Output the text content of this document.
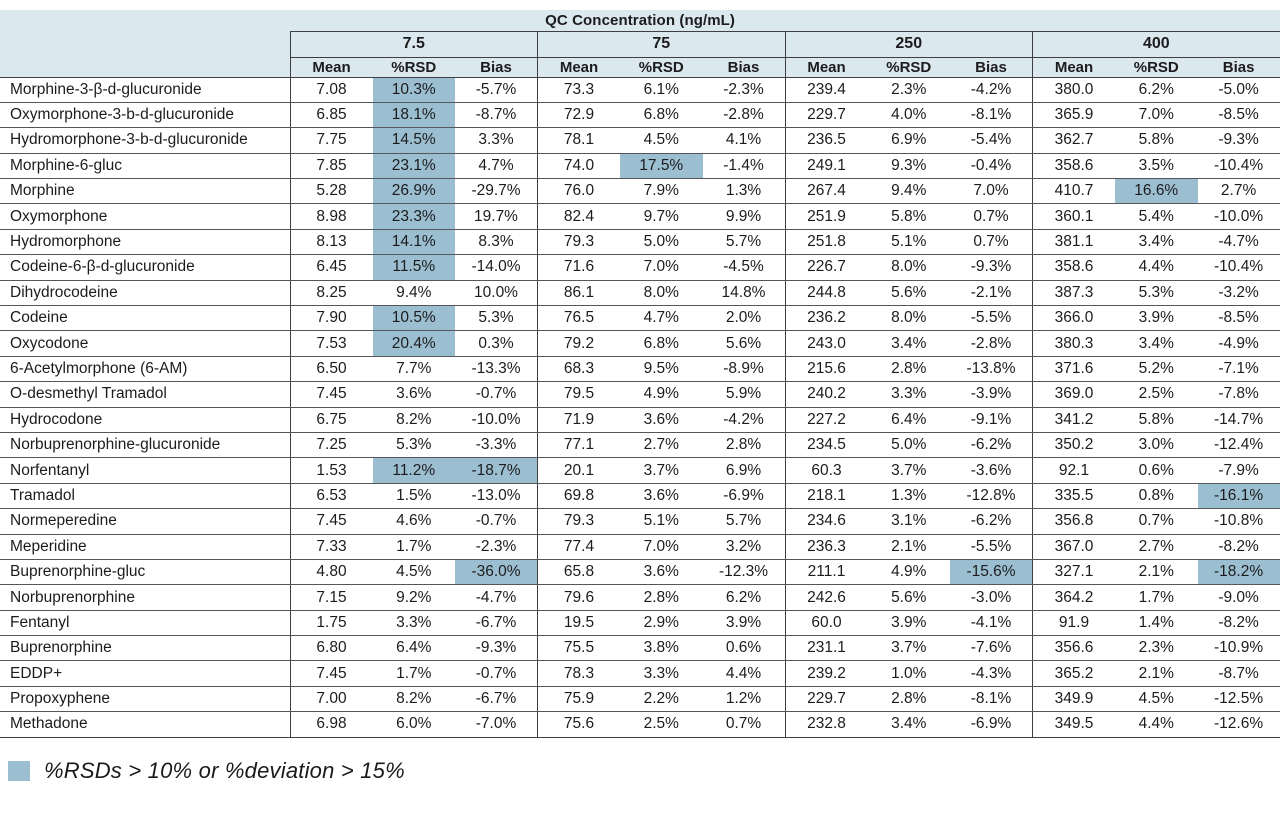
QC Concentration (ng/mL)												
	7.5			75			250			400		
	Mean	%RSD	Bias	Mean	%RSD	Bias	Mean	%RSD	Bias	Mean	%RSD	Bias
Morphine-3-β-d-glucuronide	7.08	10.3%	-5.7%	73.3	6.1%	-2.3%	239.4	2.3%	-4.2%	380.0	6.2%	-5.0%
Oxymorphone-3-b-d-glucuronide	6.85	18.1%	-8.7%	72.9	6.8%	-2.8%	229.7	4.0%	-8.1%	365.9	7.0%	-8.5%
Hydromorphone-3-b-d-glucuronide	7.75	14.5%	3.3%	78.1	4.5%	4.1%	236.5	6.9%	-5.4%	362.7	5.8%	-9.3%
Morphine-6-gluc	7.85	23.1%	4.7%	74.0	17.5%	-1.4%	249.1	9.3%	-0.4%	358.6	3.5%	-10.4%
Morphine	5.28	26.9%	-29.7%	76.0	7.9%	1.3%	267.4	9.4%	7.0%	410.7	16.6%	2.7%
Oxymorphone	8.98	23.3%	19.7%	82.4	9.7%	9.9%	251.9	5.8%	0.7%	360.1	5.4%	-10.0%
Hydromorphone	8.13	14.1%	8.3%	79.3	5.0%	5.7%	251.8	5.1%	0.7%	381.1	3.4%	-4.7%
Codeine-6-β-d-glucuronide	6.45	11.5%	-14.0%	71.6	7.0%	-4.5%	226.7	8.0%	-9.3%	358.6	4.4%	-10.4%
Dihydrocodeine	8.25	9.4%	10.0%	86.1	8.0%	14.8%	244.8	5.6%	-2.1%	387.3	5.3%	-3.2%
Codeine	7.90	10.5%	5.3%	76.5	4.7%	2.0%	236.2	8.0%	-5.5%	366.0	3.9%	-8.5%
Oxycodone	7.53	20.4%	0.3%	79.2	6.8%	5.6%	243.0	3.4%	-2.8%	380.3	3.4%	-4.9%
6-Acetylmorphone (6-AM)	6.50	7.7%	-13.3%	68.3	9.5%	-8.9%	215.6	2.8%	-13.8%	371.6	5.2%	-7.1%
O-desmethyl Tramadol	7.45	3.6%	-0.7%	79.5	4.9%	5.9%	240.2	3.3%	-3.9%	369.0	2.5%	-7.8%
Hydrocodone	6.75	8.2%	-10.0%	71.9	3.6%	-4.2%	227.2	6.4%	-9.1%	341.2	5.8%	-14.7%
Norbuprenorphine-glucuronide	7.25	5.3%	-3.3%	77.1	2.7%	2.8%	234.5	5.0%	-6.2%	350.2	3.0%	-12.4%
Norfentanyl	1.53	11.2%	-18.7%	20.1	3.7%	6.9%	60.3	3.7%	-3.6%	92.1	0.6%	-7.9%
Tramadol	6.53	1.5%	-13.0%	69.8	3.6%	-6.9%	218.1	1.3%	-12.8%	335.5	0.8%	-16.1%
Normeperedine	7.45	4.6%	-0.7%	79.3	5.1%	5.7%	234.6	3.1%	-6.2%	356.8	0.7%	-10.8%
Meperidine	7.33	1.7%	-2.3%	77.4	7.0%	3.2%	236.3	2.1%	-5.5%	367.0	2.7%	-8.2%
Buprenorphine-gluc	4.80	4.5%	-36.0%	65.8	3.6%	-12.3%	211.1	4.9%	-15.6%	327.1	2.1%	-18.2%
Norbuprenorphine	7.15	9.2%	-4.7%	79.6	2.8%	6.2%	242.6	5.6%	-3.0%	364.2	1.7%	-9.0%
Fentanyl	1.75	3.3%	-6.7%	19.5	2.9%	3.9%	60.0	3.9%	-4.1%	91.9	1.4%	-8.2%
Buprenorphine	6.80	6.4%	-9.3%	75.5	3.8%	0.6%	231.1	3.7%	-7.6%	356.6	2.3%	-10.9%
EDDP+	7.45	1.7%	-0.7%	78.3	3.3%	4.4%	239.2	1.0%	-4.3%	365.2	2.1%	-8.7%
Propoxyphene	7.00	8.2%	-6.7%	75.9	2.2%	1.2%	229.7	2.8%	-8.1%	349.9	4.5%	-12.5%
Methadone	6.98	6.0%	-7.0%	75.6	2.5%	0.7%	232.8	3.4%	-6.9%	349.5	4.4%	-12.6%
%RSDs > 10% or %deviation > 15%
